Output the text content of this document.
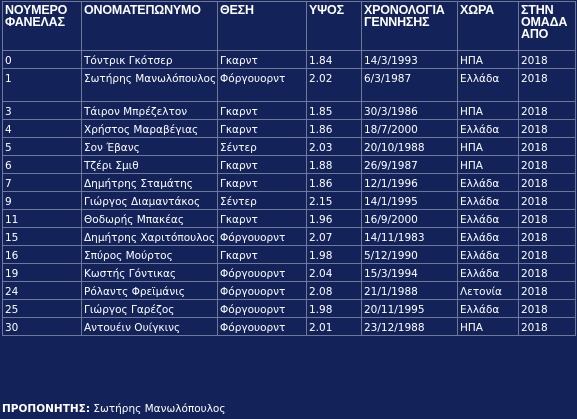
ΝΟΥΜΕΡΟ ΦΑΝΕΛΑΣ	ΟΝΟΜΑΤΕΠΩΝΥΜΟ	ΘΕΣΗ	ΥΨΟΣ	ΧΡΟΝΟΛΟΓΙΑ ΓΕΝΝΗΣΗΣ	ΧΩΡΑ	ΣΤΗΝ ΟΜΑΔΑ ΑΠΟ
0	Τόντρικ Γκότσερ	Γκαρντ	1.84	14/3/1993	ΗΠΑ	2018
1	Σωτήρης Μανωλόπουλος	Φόργουορντ	2.02	6/3/1987	Ελλάδα	2018
3	Τάιρον Μπρέζελτον	Γκαρντ	1.85	30/3/1986	ΗΠΑ	2018
4	Χρήστος Μαραβέγιας	Γκαρντ	1.86	18/7/2000	Ελλάδα	2018
5	Σον Έβανς	Σέντερ	2.03	20/10/1988	ΗΠΑ	2018
6	Τζέρι Σμιθ	Γκαρντ	1.88	26/9/1987	ΗΠΑ	2018
7	Δημήτρης Σταμάτης	Γκαρντ	1.86	12/1/1996	Ελλάδα	2018
9	Γιώργος Διαμαντάκος	Σέντερ	2.15	14/1/1995	Ελλάδα	2018
11	Θοδωρής Μπακέας	Γκαρντ	1.96	16/9/2000	Ελλάδα	2018
15	Δημήτρης Χαριτόπουλος	Φόργουορντ	2.07	14/11/1983	Ελλάδα	2018
16	Σπύρος Μούρτος	Γκαρντ	1.98	5/12/1990	Ελλάδα	2018
19	Κωστής Γόντικας	Φόργουορντ	2.04	15/3/1994	Ελλάδα	2018
24	Ρόλαντς Φρεϊμάνις	Φόργουορντ	2.08	21/1/1988	Λετονία	2018
25	Γιώργος Γαρέζος	Φόργουορντ	1.98	20/11/1995	Ελλάδα	2018
30	Αντουέιν Ουίγκινς	Φόργουορντ	2.01	23/12/1988	ΗΠΑ	2018
ΠΡΟΠΟΝΗΤΗΣ: Σωτήρης Μανωλόπουλος
